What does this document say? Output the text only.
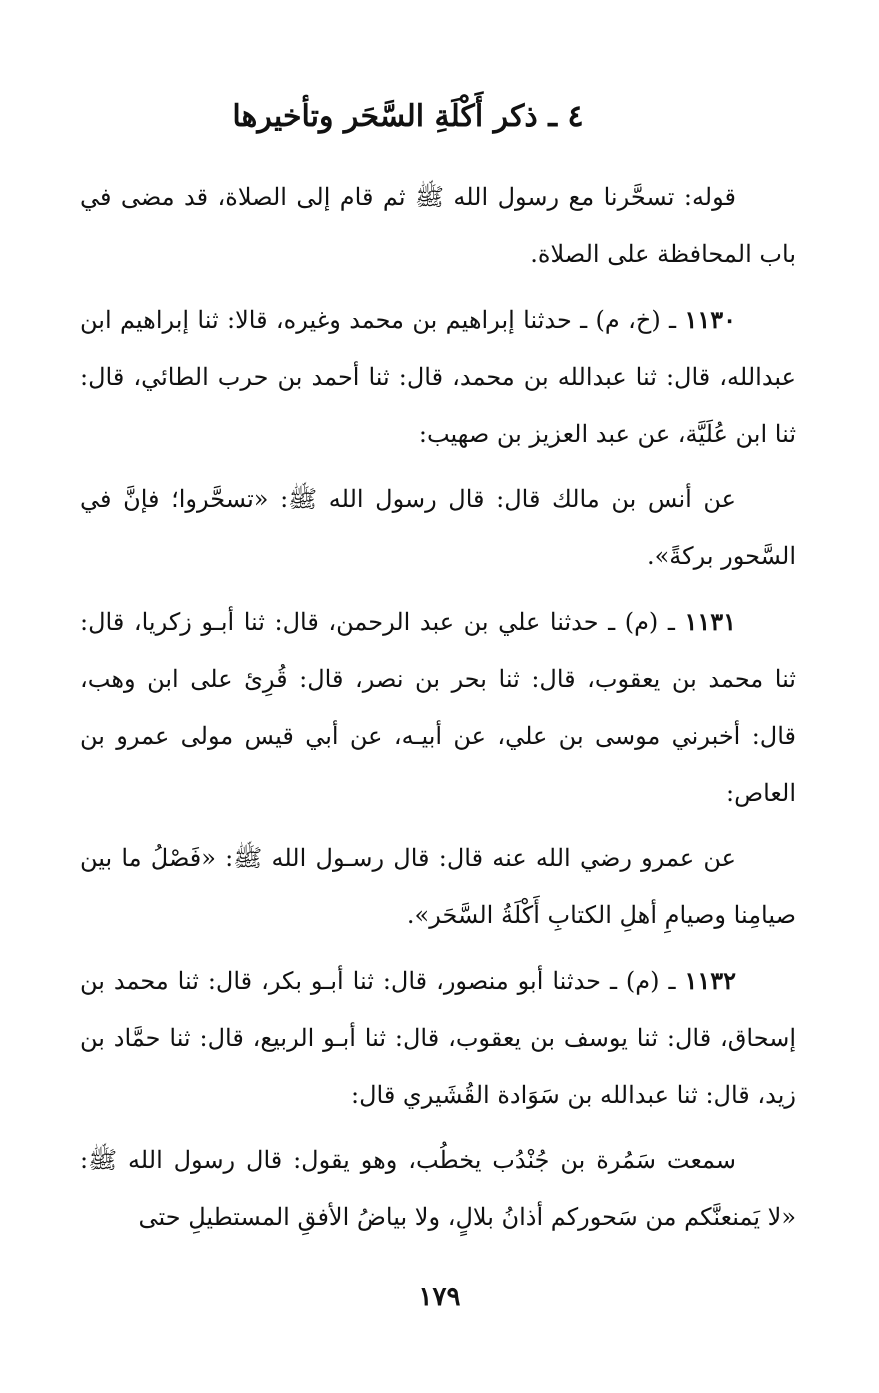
٤ ـ ذكر أَكْلَةِ السَّحَر وتأخيرها

قوله: تسحَّرنا مع رسول الله ﷺ ثم قام إلى الصلاة، قد مضى في باب المحافظة على الصلاة.

١١٣٠ ـ (خ، م) ـ حدثنا إبراهيم بن محمد وغيره، قالا: ثنا إبراهيم ابن عبدالله، قال: ثنا عبدالله بن محمد، قال: ثنا أحمد بن حرب الطائي، قال: ثنا ابن عُلَيَّة، عن عبد العزيز بن صهيب:

عن أنس بن مالك قال: قال رسول الله ﷺ: «تسحَّروا؛ فإنَّ في السَّحور بركةً».

١١٣١ ـ (م) ـ حدثنا علي بن عبد الرحمن، قال: ثنا أبـو زكريا، قال: ثنا محمد بن يعقوب، قال: ثنا بحر بن نصر، قال: قُرِئ على ابن وهب، قال: أخبرني موسى بن علي، عن أبيـه، عن أبي قيس مولى عمرو بن العاص:

عن عمرو رضي الله عنه قال: قال رسـول الله ﷺ: «فَصْلُ ما بين صيامِنا وصيامِ أهلِ الكتابِ أَكْلَةُ السَّحَر».

١١٣٢ ـ (م) ـ حدثنا أبو منصور، قال: ثنا أبـو بكر، قال: ثنا محمد بن إسحاق، قال: ثنا يوسف بن يعقوب، قال: ثنا أبـو الربيع، قال: ثنا حمَّاد بن زيد، قال: ثنا عبدالله بن سَوَادة القُشَيري قال:

سمعت سَمُرة بن جُنْدُب يخطُب، وهو يقول: قال رسول الله ﷺ: «لا يَمنعنَّكم من سَحوركم أذانُ بلالٍ، ولا بياضُ الأفقِ المستطيلِ حتى

١٧٩
